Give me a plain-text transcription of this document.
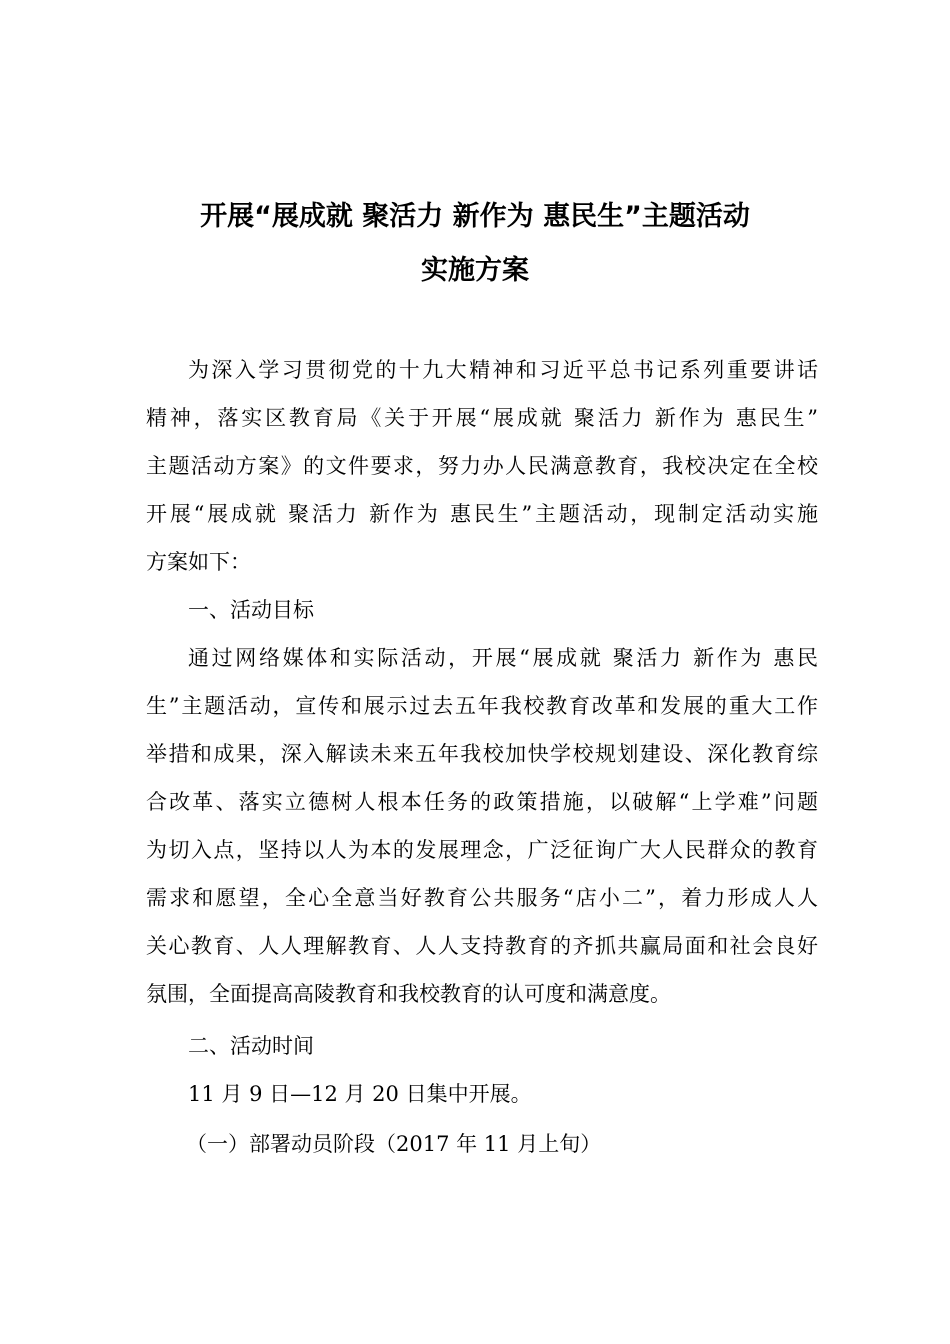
开展“展成就 聚活力 新作为 惠民生”主题活动
实施方案
为深入学习贯彻党的十九大精神和习近平总书记系列重要讲话
精神，落实区教育局《关于开展“展成就 聚活力 新作为 惠民生”
主题活动方案》的文件要求，努力办人民满意教育，我校决定在全校
开展“展成就 聚活力 新作为 惠民生”主题活动，现制定活动实施
方案如下：

一、活动目标

通过网络媒体和实际活动，开展“展成就 聚活力 新作为 惠民
生”主题活动，宣传和展示过去五年我校教育改革和发展的重大工作
举措和成果，深入解读未来五年我校加快学校规划建设、深化教育综
合改革、落实立德树人根本任务的政策措施，以破解“上学难”问题
为切入点，坚持以人为本的发展理念，广泛征询广大人民群众的教育
需求和愿望，全心全意当好教育公共服务“店小二”，着力形成人人
关心教育、人人理解教育、人人支持教育的齐抓共赢局面和社会良好
氛围，全面提高高陵教育和我校教育的认可度和满意度。

二、活动时间

11 月 9 日—12 月 20 日集中开展。

（一）部署动员阶段（2017 年 11 月上旬）
